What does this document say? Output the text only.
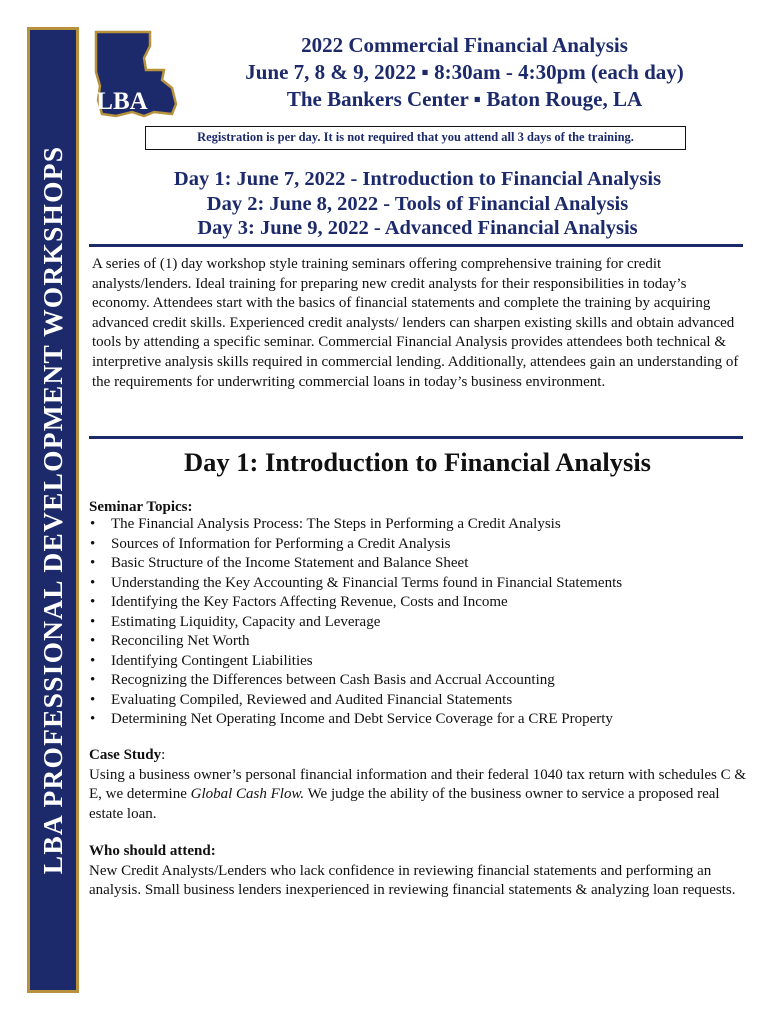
LBA PROFESSIONAL DEVELOPMENT WORKSHOPS
LBA
2022 Commercial Financial Analysis
June 7, 8 & 9, 2022 ▪ 8:30am - 4:30pm (each day)
The Bankers Center ▪ Baton Rouge, LA
Registration is per day. It is not required that you attend all 3 days of the training.
Day 1: June 7, 2022 - Introduction to Financial Analysis
Day 2: June 8, 2022 - Tools of Financial Analysis
Day 3: June 9, 2022 - Advanced Financial Analysis
A series of (1) day workshop style training seminars offering comprehensive training for credit analysts/lenders. Ideal training for preparing new credit analysts for their responsibilities in today’s economy. Attendees start with the basics of financial statements and complete the training by acquiring advanced credit skills. Experienced credit analysts/ lenders can sharpen existing skills and obtain advanced tools by attending a specific seminar. Commercial Financial Analysis provides attendees both technical & interpretive analysis skills required in commercial lending. Additionally, attendees gain an understanding of the requirements for underwriting commercial loans in today’s business environment.
Day 1: Introduction to Financial Analysis
Seminar Topics:
• The Financial Analysis Process: The Steps in Performing a Credit Analysis
• Sources of Information for Performing a Credit Analysis
• Basic Structure of the Income Statement and Balance Sheet
• Understanding the Key Accounting & Financial Terms found in Financial Statements
• Identifying the Key Factors Affecting Revenue, Costs and Income
• Estimating Liquidity, Capacity and Leverage
• Reconciling Net Worth
• Identifying Contingent Liabilities
• Recognizing the Differences between Cash Basis and Accrual Accounting
• Evaluating Compiled, Reviewed and Audited Financial Statements
• Determining Net Operating Income and Debt Service Coverage for a CRE Property
Case Study:
Using a business owner’s personal financial information and their federal 1040 tax return with schedules C & E, we determine Global Cash Flow. We judge the ability of the business owner to service a proposed real estate loan.
Who should attend:
New Credit Analysts/Lenders who lack confidence in reviewing financial statements and performing an analysis. Small business lenders inexperienced in reviewing financial statements & analyzing loan requests.
